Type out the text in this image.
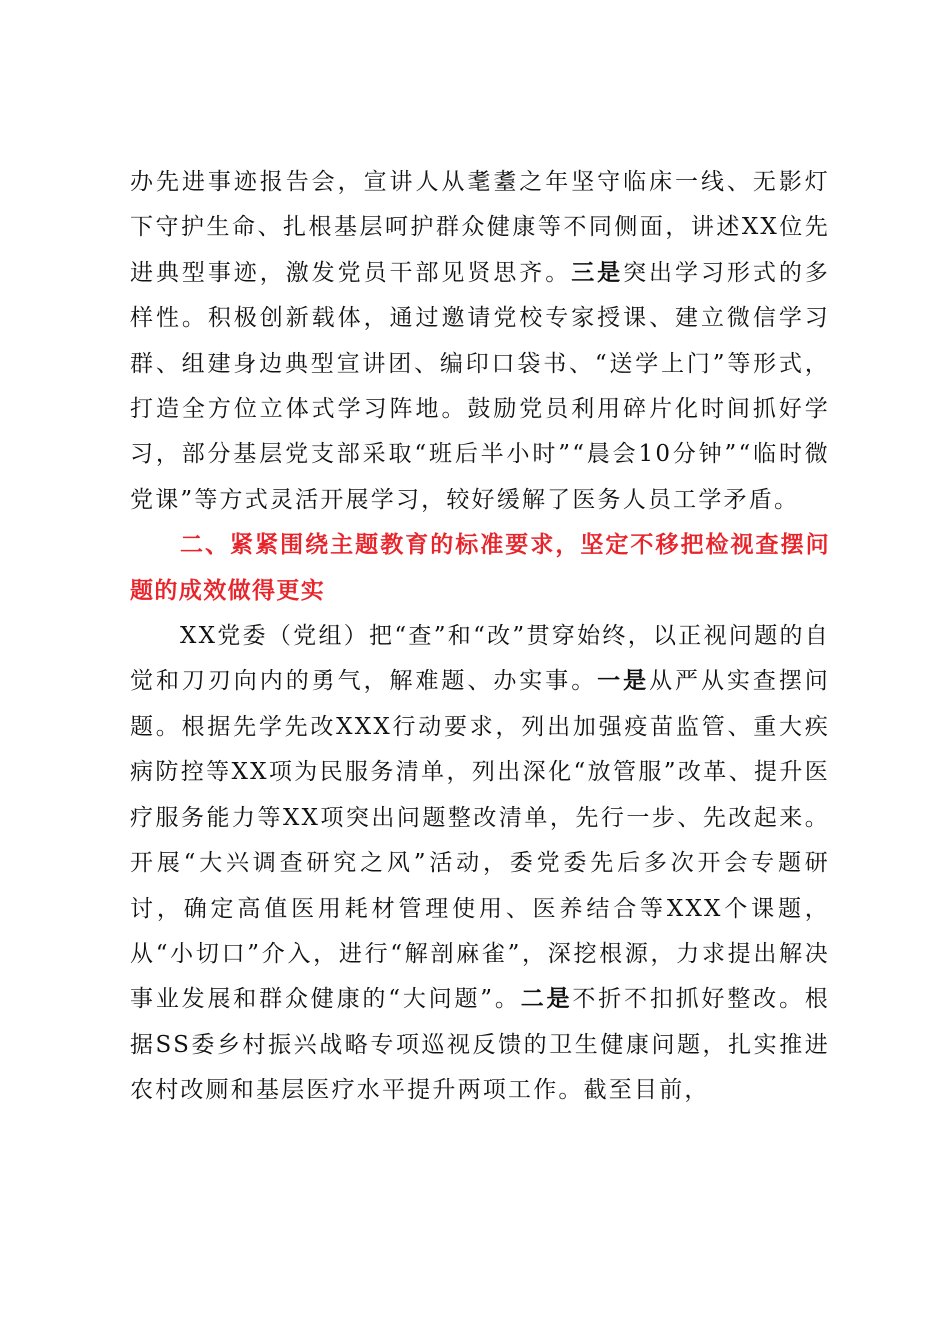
办先进事迹报告会，宣讲人从耄耋之年坚守临床一线、无影灯下守护生命、扎根基层呵护群众健康等不同侧面，讲述XX位先进典型事迹，激发党员干部见贤思齐。三是突出学习形式的多样性。积极创新载体，通过邀请党校专家授课、建立微信学习群、组建身边典型宣讲团、编印口袋书、“送学上门”等形式，打造全方位立体式学习阵地。鼓励党员利用碎片化时间抓好学习，部分基层党支部采取“班后半小时”“晨会10分钟”“临时微党课”等方式灵活开展学习，较好缓解了医务人员工学矛盾。

二、紧紧围绕主题教育的标准要求，坚定不移把检视查摆问题的成效做得更实

XX党委（党组）把“查”和“改”贯穿始终，以正视问题的自觉和刀刃向内的勇气，解难题、办实事。一是从严从实查摆问题。根据先学先改XXX行动要求，列出加强疫苗监管、重大疾病防控等XX项为民服务清单，列出深化“放管服”改革、提升医疗服务能力等XX项突出问题整改清单，先行一步、先改起来。开展“大兴调查研究之风”活动，委党委先后多次开会专题研讨，确定高值医用耗材管理使用、医养结合等XXX个课题，从“小切口”介入，进行“解剖麻雀”，深挖根源，力求提出解决事业发展和群众健康的“大问题”。二是不折不扣抓好整改。根据SS委乡村振兴战略专项巡视反馈的卫生健康问题，扎实推进农村改厕和基层医疗水平提升两项工作。截至目前，
